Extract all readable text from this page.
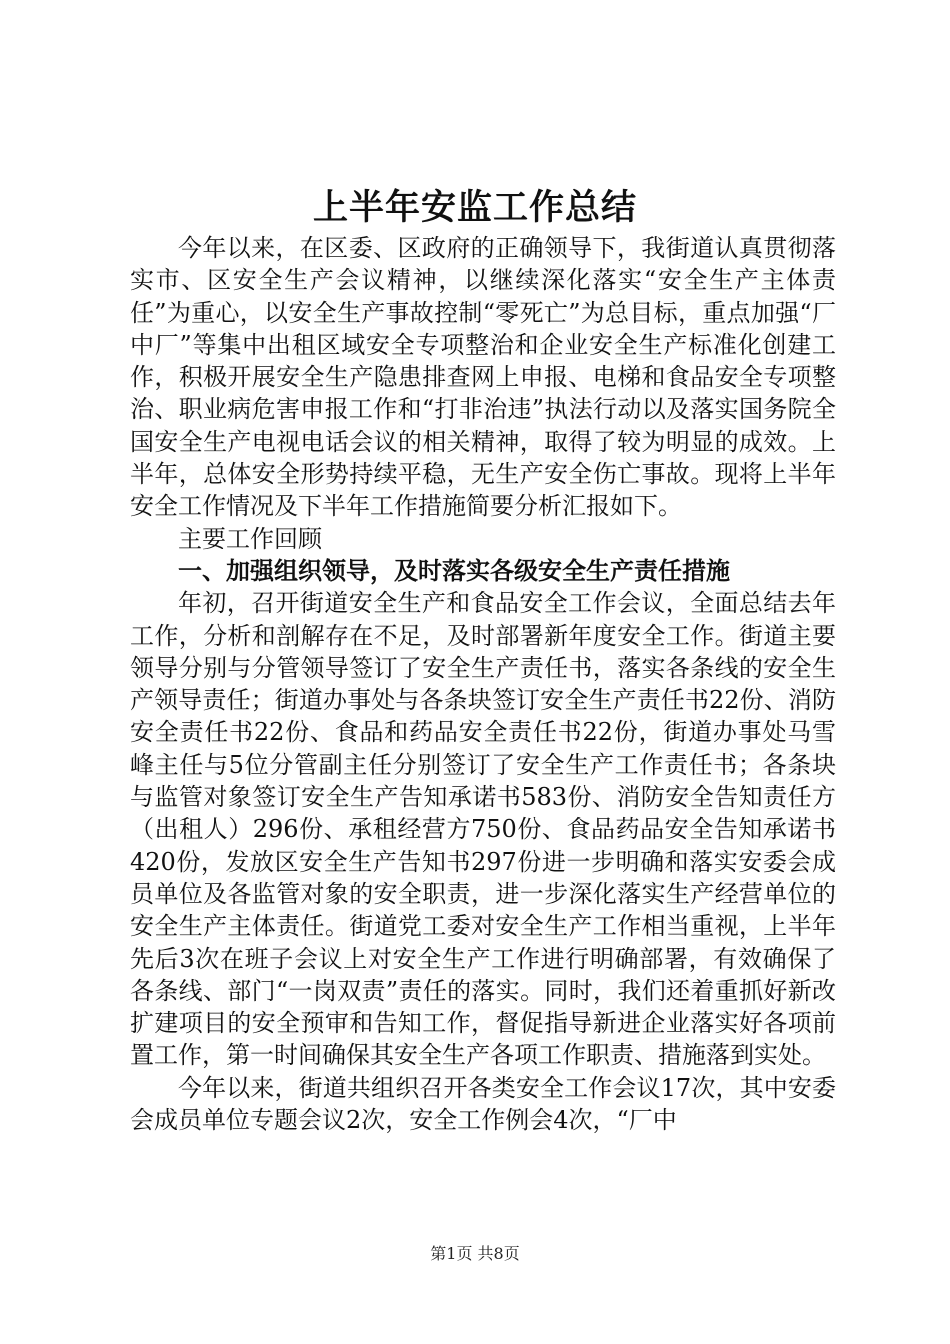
上半年安监工作总结

今年以来，在区委、区政府的正确领导下，我街道认真贯彻落实市、区安全生产会议精神，以继续深化落实“安全生产主体责任”为重心，以安全生产事故控制“零死亡”为总目标，重点加强“厂中厂”等集中出租区域安全专项整治和企业安全生产标准化创建工作，积极开展安全生产隐患排查网上申报、电梯和食品安全专项整治、职业病危害申报工作和“打非治违”执法行动以及落实国务院全国安全生产电视电话会议的相关精神，取得了较为明显的成效。上半年，总体安全形势持续平稳，无生产安全伤亡事故。现将上半年安全工作情况及下半年工作措施简要分析汇报如下。

主要工作回顾

一、加强组织领导，及时落实各级安全生产责任措施

年初，召开街道安全生产和食品安全工作会议，全面总结去年工作，分析和剖解存在不足，及时部署新年度安全工作。街道主要领导分别与分管领导签订了安全生产责任书，落实各条线的安全生产领导责任；街道办事处与各条块签订安全生产责任书22份、消防安全责任书22份、食品和药品安全责任书22份，街道办事处马雪峰主任与5位分管副主任分别签订了安全生产工作责任书；各条块与监管对象签订安全生产告知承诺书583份、消防安全告知责任方（出租人）296份、承租经营方750份、食品药品安全告知承诺书420份，发放区安全生产告知书297份进一步明确和落实安委会成员单位及各监管对象的安全职责，进一步深化落实生产经营单位的安全生产主体责任。街道党工委对安全生产工作相当重视，上半年先后3次在班子会议上对安全生产工作进行明确部署，有效确保了各条线、部门“一岗双责”责任的落实。同时，我们还着重抓好新改扩建项目的安全预审和告知工作，督促指导新进企业落实好各项前置工作，第一时间确保其安全生产各项工作职责、措施落到实处。

今年以来，街道共组织召开各类安全工作会议17次，其中安委会成员单位专题会议2次，安全工作例会4次，“厂中

第1页 共8页
